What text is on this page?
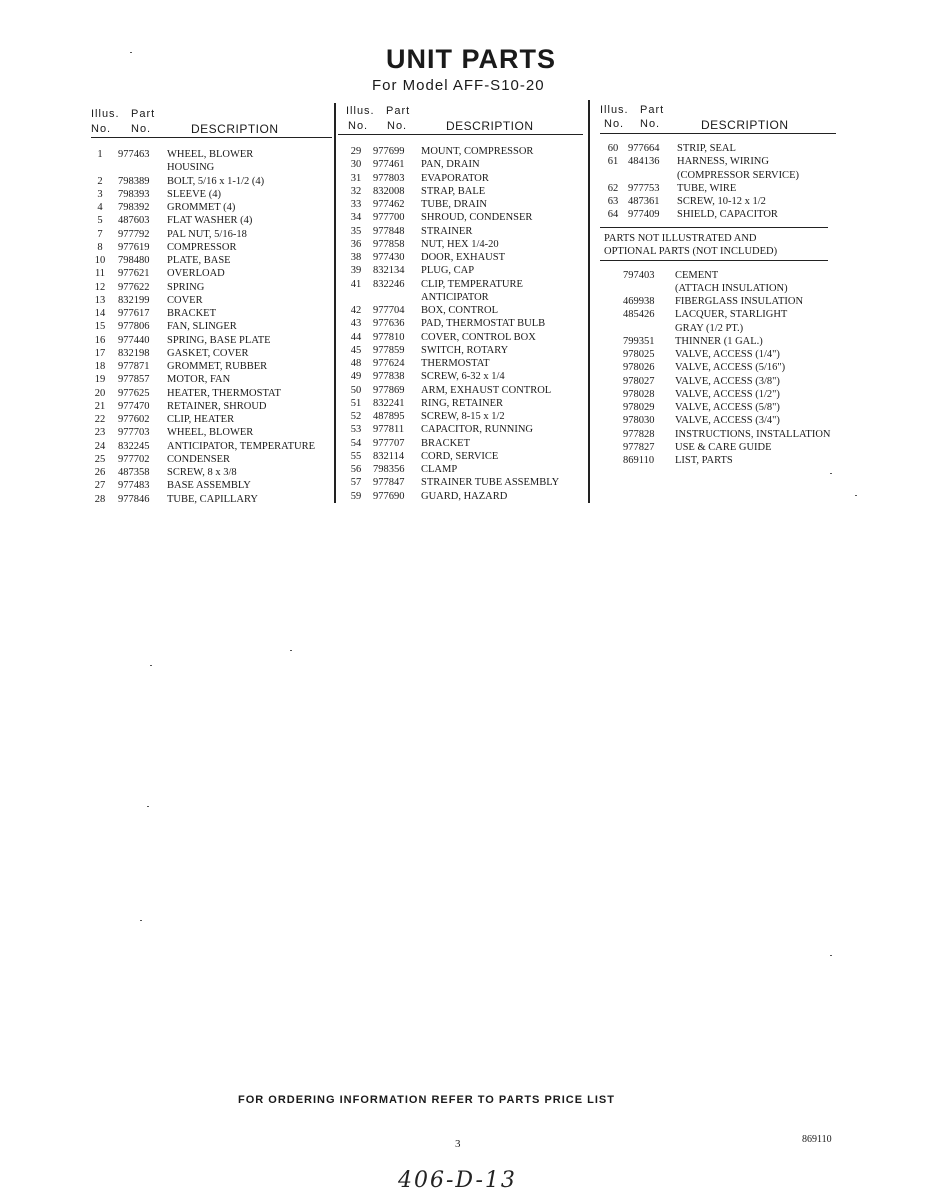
UNIT PARTS
For Model AFF-S10-20
Illus. Part
No. No.	DESCRIPTION
1	977463 WHEEL, BLOWER
HOUSING
2	798389 BOLT, 5/16 x 1-1/2 (4)
3	798393 SLEEVE (4)
4	798392 GROMMET (4)
5	487603 FLAT WASHER (4)
7	977792 PAL NUT, 5/16-18
8	977619 COMPRESSOR
10	798480 PLATE, BASE
11	977621 OVERLOAD
12	977622 SPRING
13	832199 COVER
14	977617 BRACKET
15	977806 FAN, SLINGER
16	977440 SPRING, BASE PLATE
17	832198 GASKET, COVER
18	977871 GROMMET, RUBBER
19	977857 MOTOR, FAN
20	977625 HEATER, THERMOSTAT
21	977470 RETAINER, SHROUD
22	977602 CLIP, HEATER
23	977703 WHEEL, BLOWER
24	832245 ANTICIPATOR, TEMPERATURE
25	977702 CONDENSER
26	487358 SCREW, 8 x 3/8
27	977483 BASE ASSEMBLY
28	977846 TUBE, CAPILLARY
Illus. Part
No. No.	DESCRIPTION
29	977699 MOUNT, COMPRESSOR
30	977461 PAN, DRAIN
31	977803 EVAPORATOR
32	832008 STRAP, BALE
33	977462 TUBE, DRAIN
34	977700 SHROUD, CONDENSER
35	977848 STRAINER
36	977858 NUT, HEX 1/4-20
38	977430 DOOR, EXHAUST
39	832134 PLUG, CAP
41	832246 CLIP, TEMPERATURE
ANTICIPATOR
42	977704 BOX, CONTROL
43	977636 PAD, THERMOSTAT BULB
44	977810 COVER, CONTROL BOX
45	977859 SWITCH, ROTARY
48	977624 THERMOSTAT
49	977838 SCREW, 6-32 x 1/4
50	977869 ARM, EXHAUST CONTROL
51	832241 RING, RETAINER
52	487895 SCREW, 8-15 x 1/2
53	977811 CAPACITOR, RUNNING
54	977707 BRACKET
55	832114 CORD, SERVICE
56	798356 CLAMP
57	977847 STRAINER TUBE ASSEMBLY
59	977690 GUARD, HAZARD
Illus. Part
No. No.	DESCRIPTION
60 977664 STRIP, SEAL
61 484136 HARNESS, WIRING
(COMPRESSOR SERVICE)
62 977753 TUBE, WIRE
63 487361 SCREW, 10-12 x 1/2
64 977409 SHIELD, CAPACITOR
PARTS NOT ILLUSTRATED AND
OPTIONAL PARTS (NOT INCLUDED)
797403 CEMENT
(ATTACH INSULATION)
469938 FIBERGLASS INSULATION
485426 LACQUER, STARLIGHT
GRAY (1/2 PT.)
799351 THINNER (1 GAL.)
978025 VALVE, ACCESS (1/4")
978026 VALVE, ACCESS (5/16")
978027 VALVE, ACCESS (3/8")
978028 VALVE, ACCESS (1/2")
978029 VALVE, ACCESS (5/8")
978030 VALVE, ACCESS (3/4")
977828 INSTRUCTIONS, INSTALLATION
977827 USE & CARE GUIDE
869110 LIST, PARTS
FOR ORDERING INFORMATION REFER TO PARTS PRICE LIST
3	869110
406-D-13
